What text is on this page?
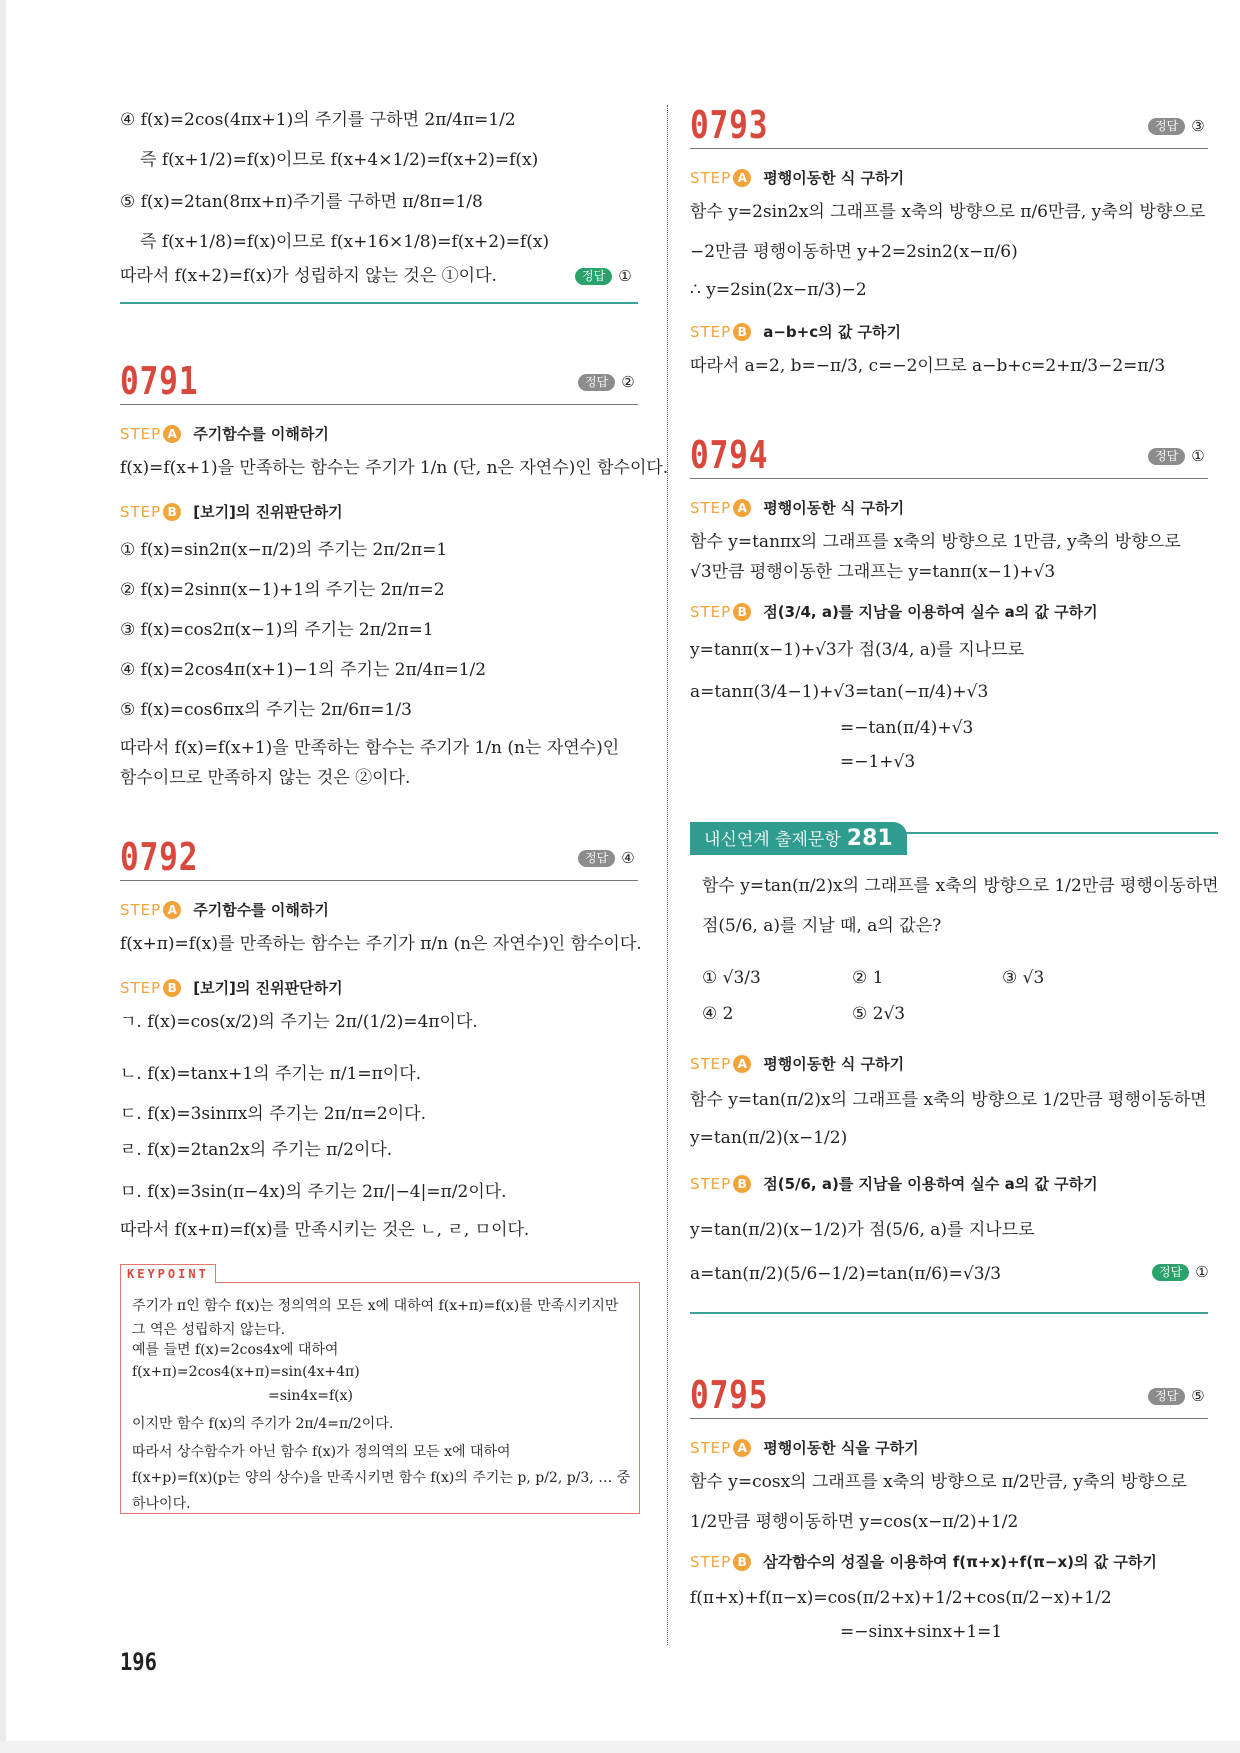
④ f(x)=2cos(4πx+1)의 주기를 구하면 2π/4π=1/2
즉 f(x+1/2)=f(x)이므로 f(x+4×1/2)=f(x+2)=f(x)
⑤ f(x)=2tan(8πx+π)주기를 구하면 π/8π=1/8
즉 f(x+1/8)=f(x)이므로 f(x+16×1/8)=f(x+2)=f(x)
따라서 f(x+2)=f(x)가 성립하지 않는 것은 ①이다.	정답 ①
0791	정답 ②
STEP A 주기함수를 이해하기
f(x)=f(x+1)을 만족하는 함수는 주기가 1/n (단, n은 자연수)인 함수이다.
STEP B [보기]의 진위판단하기
① f(x)=sin2π(x−π/2)의 주기는 2π/2π=1
② f(x)=2sinπ(x−1)+1의 주기는 2π/π=2
③ f(x)=cos2π(x−1)의 주기는 2π/2π=1
④ f(x)=2cos4π(x+1)−1의 주기는 2π/4π=1/2
⑤ f(x)=cos6πx의 주기는 2π/6π=1/3
따라서 f(x)=f(x+1)을 만족하는 함수는 주기가 1/n (n는 자연수)인
함수이므로 만족하지 않는 것은 ②이다.
0792	정답 ④
STEP A 주기함수를 이해하기
f(x+π)=f(x)를 만족하는 함수는 주기가 π/n (n은 자연수)인 함수이다.
STEP B [보기]의 진위판단하기
ㄱ. f(x)=cos(x/2)의 주기는 2π/(1/2)=4π이다.
ㄴ. f(x)=tanx+1의 주기는 π/1=π이다.
ㄷ. f(x)=3sinπx의 주기는 2π/π=2이다.
ㄹ. f(x)=2tan2x의 주기는 π/2이다.
ㅁ. f(x)=3sin(π−4x)의 주기는 2π/|−4|=π/2이다.
따라서 f(x+π)=f(x)를 만족시키는 것은 ㄴ, ㄹ, ㅁ이다.
KEYPOINT
주기가 π인 함수 f(x)는 정의역의 모든 x에 대하여 f(x+π)=f(x)를 만족시키지만
그 역은 성립하지 않는다.
예를 들면 f(x)=2cos4x에 대하여
f(x+π)=2cos4(x+π)=sin(4x+4π)
=sin4x=f(x)
이지만 함수 f(x)의 주기가 2π/4=π/2이다.
따라서 상수함수가 아닌 함수 f(x)가 정의역의 모든 x에 대하여
f(x+p)=f(x)(p는 양의 상수)을 만족시키면 함수 f(x)의 주기는 p, p/2, p/3, … 중
하나이다.
0793	정답 ③
STEP A 평행이동한 식 구하기
함수 y=2sin2x의 그래프를 x축의 방향으로 π/6만큼, y축의 방향으로
−2만큼 평행이동하면 y+2=2sin2(x−π/6)
∴ y=2sin(2x−π/3)−2
STEP B a−b+c의 값 구하기
따라서 a=2, b=−π/3, c=−2이므로 a−b+c=2+π/3−2=π/3
0794	정답 ①
STEP A 평행이동한 식 구하기
함수 y=tanπx의 그래프를 x축의 방향으로 1만큼, y축의 방향으로
√3만큼 평행이동한 그래프는 y=tanπ(x−1)+√3
STEP B 점(3/4, a)를 지남을 이용하여 실수 a의 값 구하기
y=tanπ(x−1)+√3가 점(3/4, a)를 지나므로
a=tanπ(3/4−1)+√3=tan(−π/4)+√3
=−tan(π/4)+√3
=−1+√3
내신연계 출제문항 281
함수 y=tan(π/2)x의 그래프를 x축의 방향으로 1/2만큼 평행이동하면
점(5/6, a)를 지날 때, a의 값은?
① √3/3	② 1	③ √3
④ 2	⑤ 2√3
STEP A 평행이동한 식 구하기
함수 y=tan(π/2)x의 그래프를 x축의 방향으로 1/2만큼 평행이동하면
y=tan(π/2)(x−1/2)
STEP B 점(5/6, a)를 지남을 이용하여 실수 a의 값 구하기
y=tan(π/2)(x−1/2)가 점(5/6, a)를 지나므로
a=tan(π/2)(5/6−1/2)=tan(π/6)=√3/3	정답 ①
0795	정답 ⑤
STEP A 평행이동한 식을 구하기
함수 y=cosx의 그래프를 x축의 방향으로 π/2만큼, y축의 방향으로
1/2만큼 평행이동하면 y=cos(x−π/2)+1/2
STEP B 삼각함수의 성질을 이용하여 f(π+x)+f(π−x)의 값 구하기
f(π+x)+f(π−x)=cos(π/2+x)+1/2+cos(π/2−x)+1/2
=−sinx+sinx+1=1
196
